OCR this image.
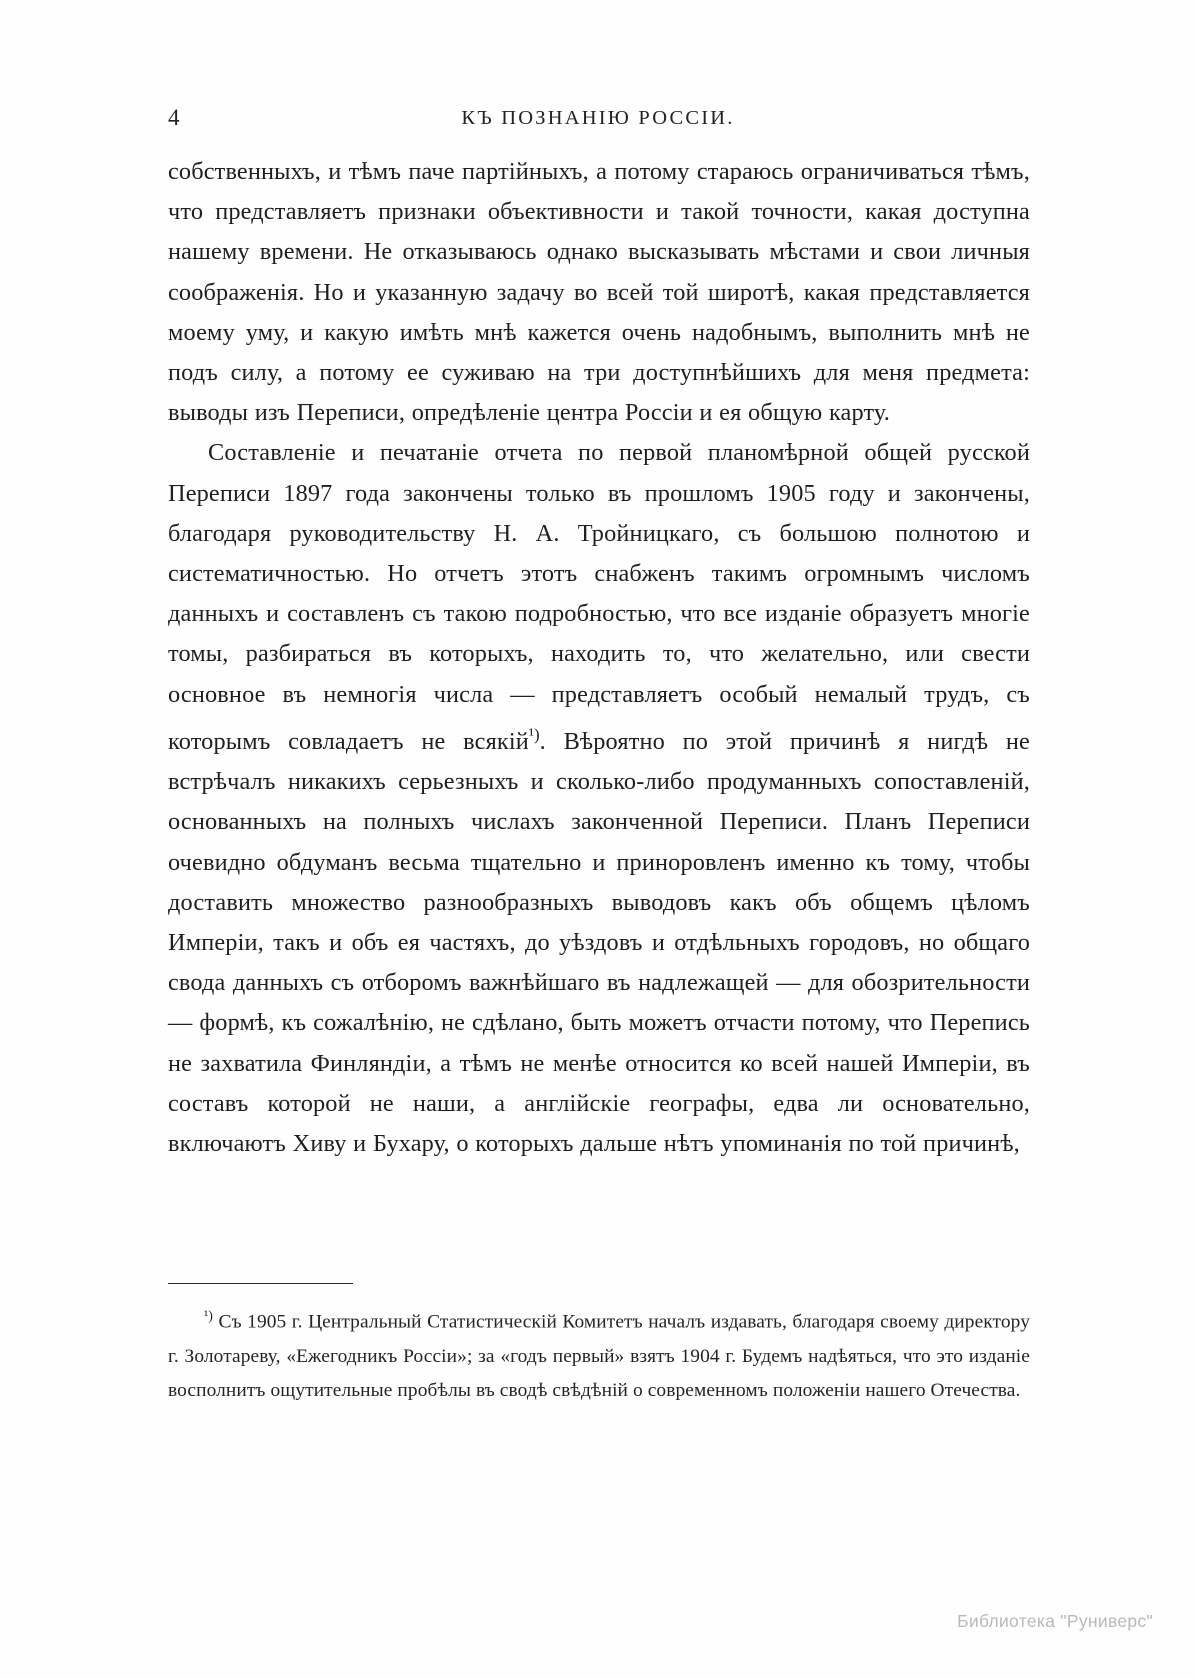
4	КЪ ПОЗНАНІЮ РОССІИ.

собственныхъ, и тѣмъ паче партійныхъ, а потому стараюсь ограничиваться тѣмъ, что представляетъ признаки объективности и такой точности, какая доступна нашему времени. Не отказываюсь однако высказывать мѣстами и свои личныя соображенія. Но и указанную задачу во всей той широтѣ, какая представляется моему уму, и какую имѣть мнѣ кажется очень надобнымъ, выполнить мнѣ не подъ силу, а потому ее суживаю на три доступнѣйшихъ для меня предмета: выводы изъ Переписи, опредѣленіе центра Россіи и ея общую карту.

Составленіе и печатаніе отчета по первой планомѣрной общей русской Переписи 1897 года закончены только въ прошломъ 1905 году и закончены, благодаря руководительству Н. А. Тройницкаго, съ большою полнотою и систематичностью. Но отчетъ этотъ снабженъ такимъ огромнымъ числомъ данныхъ и составленъ съ такою подробностью, что все изданіе образуетъ многіе томы, разбираться въ которыхъ, находить то, что желательно, или свести основное въ немногія числа — представляетъ особый немалый трудъ, съ которымъ совладаетъ не всякій$^{^1)}$. Вѣроятно по этой причинѣ я нигдѣ не встрѣчалъ никакихъ серьезныхъ и сколько-либо продуманныхъ сопоставленій, основанныхъ на полныхъ числахъ законченной Переписи. Планъ Переписи очевидно обдуманъ весьма тщательно и приноровленъ именно къ тому, чтобы доставить множество разнообразныхъ выводовъ какъ объ общемъ цѣломъ Имперіи, такъ и объ ея частяхъ, до уѣздовъ и отдѣльныхъ городовъ, но общаго свода данныхъ съ отборомъ важнѣйшаго въ надлежащей — для обозрительности — формѣ, къ сожалѣнію, не сдѣлано, быть можетъ отчасти потому, что Перепись не захватила Финляндіи, а тѣмъ не менѣе относится ко всей нашей Имперіи, въ составъ которой не наши, а англійскіе географы, едва ли основательно, включаютъ Хиву и Бухару, о которыхъ дальше нѣтъ упоминанія по той причинѣ,

$^{^1)}$ Съ 1905 г. Центральный Статистическій Комитетъ началъ издавать, благодаря своему директору г. Золотареву, «Ежегодникъ Россіи»; за «годъ первый» взятъ 1904 г. Будемъ надѣяться, что это изданіе восполнитъ ощутительные пробѣлы въ сводѣ свѣдѣній о современномъ положеніи нашего Отечества.

Библиотека "Руниверс"
